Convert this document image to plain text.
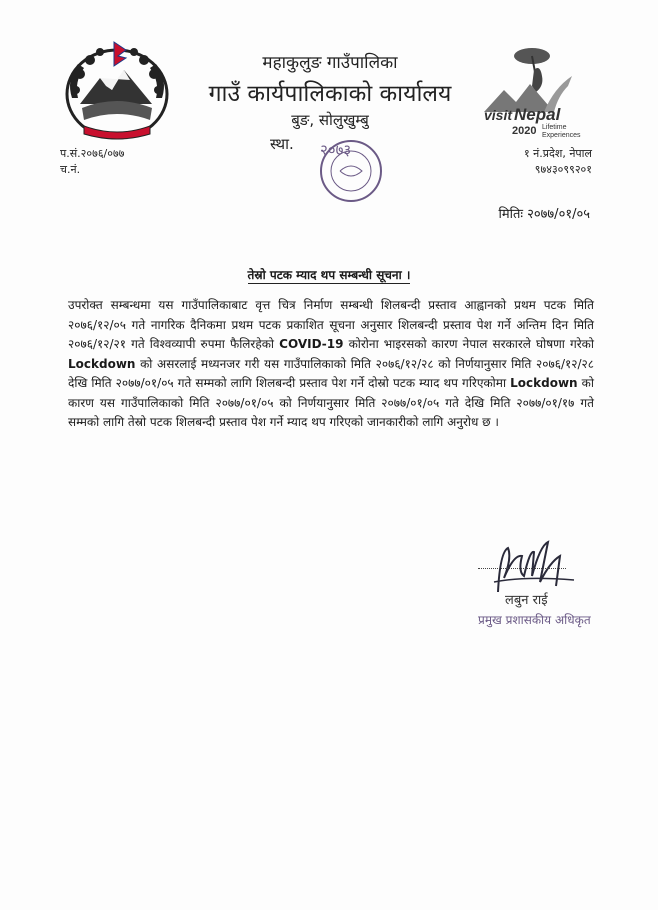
visit Nepal
2020 Lifetime
Experiences
महाकुलुङ गाउँपालिका
गाउँ कार्यपालिकाको कार्यालय
बुङ, सोलुखुम्बु
स्था.	२०७३
प.सं.२०७६/०७७
च.नं.
१ नं.प्रदेश, नेपाल
९७४३०९९२०१
मितिः २०७७/०१/०५
तेस्रो पटक म्याद थप सम्बन्धी सूचना ।
उपरोक्त सम्बन्धमा यस गाउँपालिकाबाट वृत्त चित्र निर्माण सम्बन्धी शिलबन्दी प्रस्ताव आह्वानको प्रथम पटक मिति २०७६/१२/०५ गते नागरिक दैनिकमा प्रथम पटक प्रकाशित सूचना अनुसार शिलबन्दी प्रस्ताव पेश गर्ने अन्तिम दिन मिति २०७६/१२/२१ गते विश्वव्यापी रुपमा फैलिरहेको COVID-19 कोरोना भाइरसको कारण नेपाल सरकारले घोषणा गरेको Lockdown को असरलाई मध्यनजर गरी यस गाउँपालिकाको मिति २०७६/१२/२८ को निर्णयानुसार मिति २०७६/१२/२८ देखि मिति २०७७/०१/०५ गते सम्मको लागि शिलबन्दी प्रस्ताव पेश गर्ने दोस्रो पटक म्याद थप गरिएकोमा Lockdown को कारण यस गाउँपालिकाको मिति २०७७/०१/०५ को निर्णयानुसार मिति २०७७/०१/०५ गते देखि मिति २०७७/०१/१७ गते सम्मको लागि तेस्रो पटक शिलबन्दी प्रस्ताव पेश गर्ने म्याद थप गरिएको जानकारीको लागि अनुरोध छ ।
लबुन राई
प्रमुख प्रशासकीय अधिकृत
